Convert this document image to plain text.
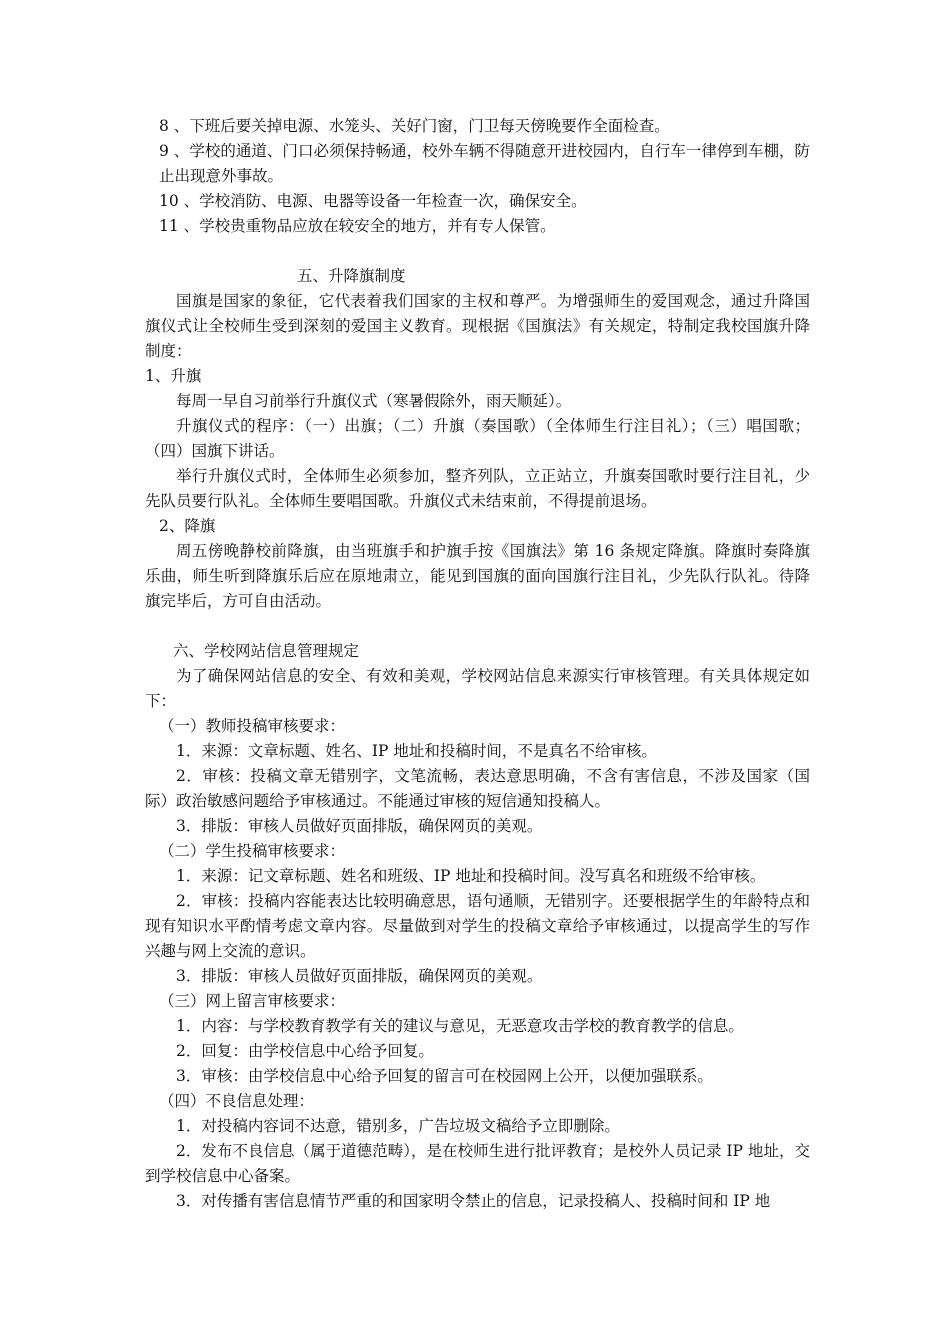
8 、下班后要关掉电源、水笼头、关好门窗，门卫每天傍晚要作全面检查。

9 、学校的通道、门口必须保持畅通，校外车辆不得随意开进校园内，自行车一律停到车棚，防止出现意外事故。

10 、学校消防、电源、电器等设备一年检查一次，确保安全。

11 、学校贵重物品应放在较安全的地方，并有专人保管。

五、升降旗制度

国旗是国家的象征，它代表着我们国家的主权和尊严。为增强师生的爱国观念，通过升降国旗仪式让全校师生受到深刻的爱国主义教育。现根据《国旗法》有关规定，特制定我校国旗升降制度：

1、升旗

每周一早自习前举行升旗仪式（寒暑假除外，雨天顺延）。

升旗仪式的程序：（一）出旗；（二）升旗（奏国歌）（全体师生行注目礼）；（三）唱国歌；（四）国旗下讲话。

举行升旗仪式时，全体师生必须参加，整齐列队，立正站立，升旗奏国歌时要行注目礼，少先队员要行队礼。全体师生要唱国歌。升旗仪式未结束前，不得提前退场。

2、降旗

周五傍晚静校前降旗，由当班旗手和护旗手按《国旗法》第 16 条规定降旗。降旗时奏降旗乐曲，师生听到降旗乐后应在原地肃立，能见到国旗的面向国旗行注目礼，少先队行队礼。待降旗完毕后，方可自由活动。

六、学校网站信息管理规定

为了确保网站信息的安全、有效和美观，学校网站信息来源实行审核管理。有关具体规定如下：

（一）教师投稿审核要求：

1．来源：文章标题、姓名、IP 地址和投稿时间，不是真名不给审核。

2．审核：投稿文章无错别字，文笔流畅，表达意思明确，不含有害信息，不涉及国家（国际）政治敏感问题给予审核通过。不能通过审核的短信通知投稿人。

3．排版：审核人员做好页面排版，确保网页的美观。

（二）学生投稿审核要求：

1．来源：记文章标题、姓名和班级、IP 地址和投稿时间。没写真名和班级不给审核。

2．审核：投稿内容能表达比较明确意思，语句通顺，无错别字。还要根据学生的年龄特点和现有知识水平酌情考虑文章内容。尽量做到对学生的投稿文章给予审核通过，以提高学生的写作兴趣与网上交流的意识。

3．排版：审核人员做好页面排版，确保网页的美观。

（三）网上留言审核要求：

1．内容：与学校教育教学有关的建议与意见，无恶意攻击学校的教育教学的信息。

2．回复：由学校信息中心给予回复。

3．审核：由学校信息中心给予回复的留言可在校园网上公开，以便加强联系。

（四）不良信息处理：

1．对投稿内容词不达意，错别多，广告垃圾文稿给予立即删除。

2．发布不良信息（属于道德范畴），是在校师生进行批评教育；是校外人员记录 IP 地址，交到学校信息中心备案。

3．对传播有害信息情节严重的和国家明令禁止的信息，记录投稿人、投稿时间和 IP 地
